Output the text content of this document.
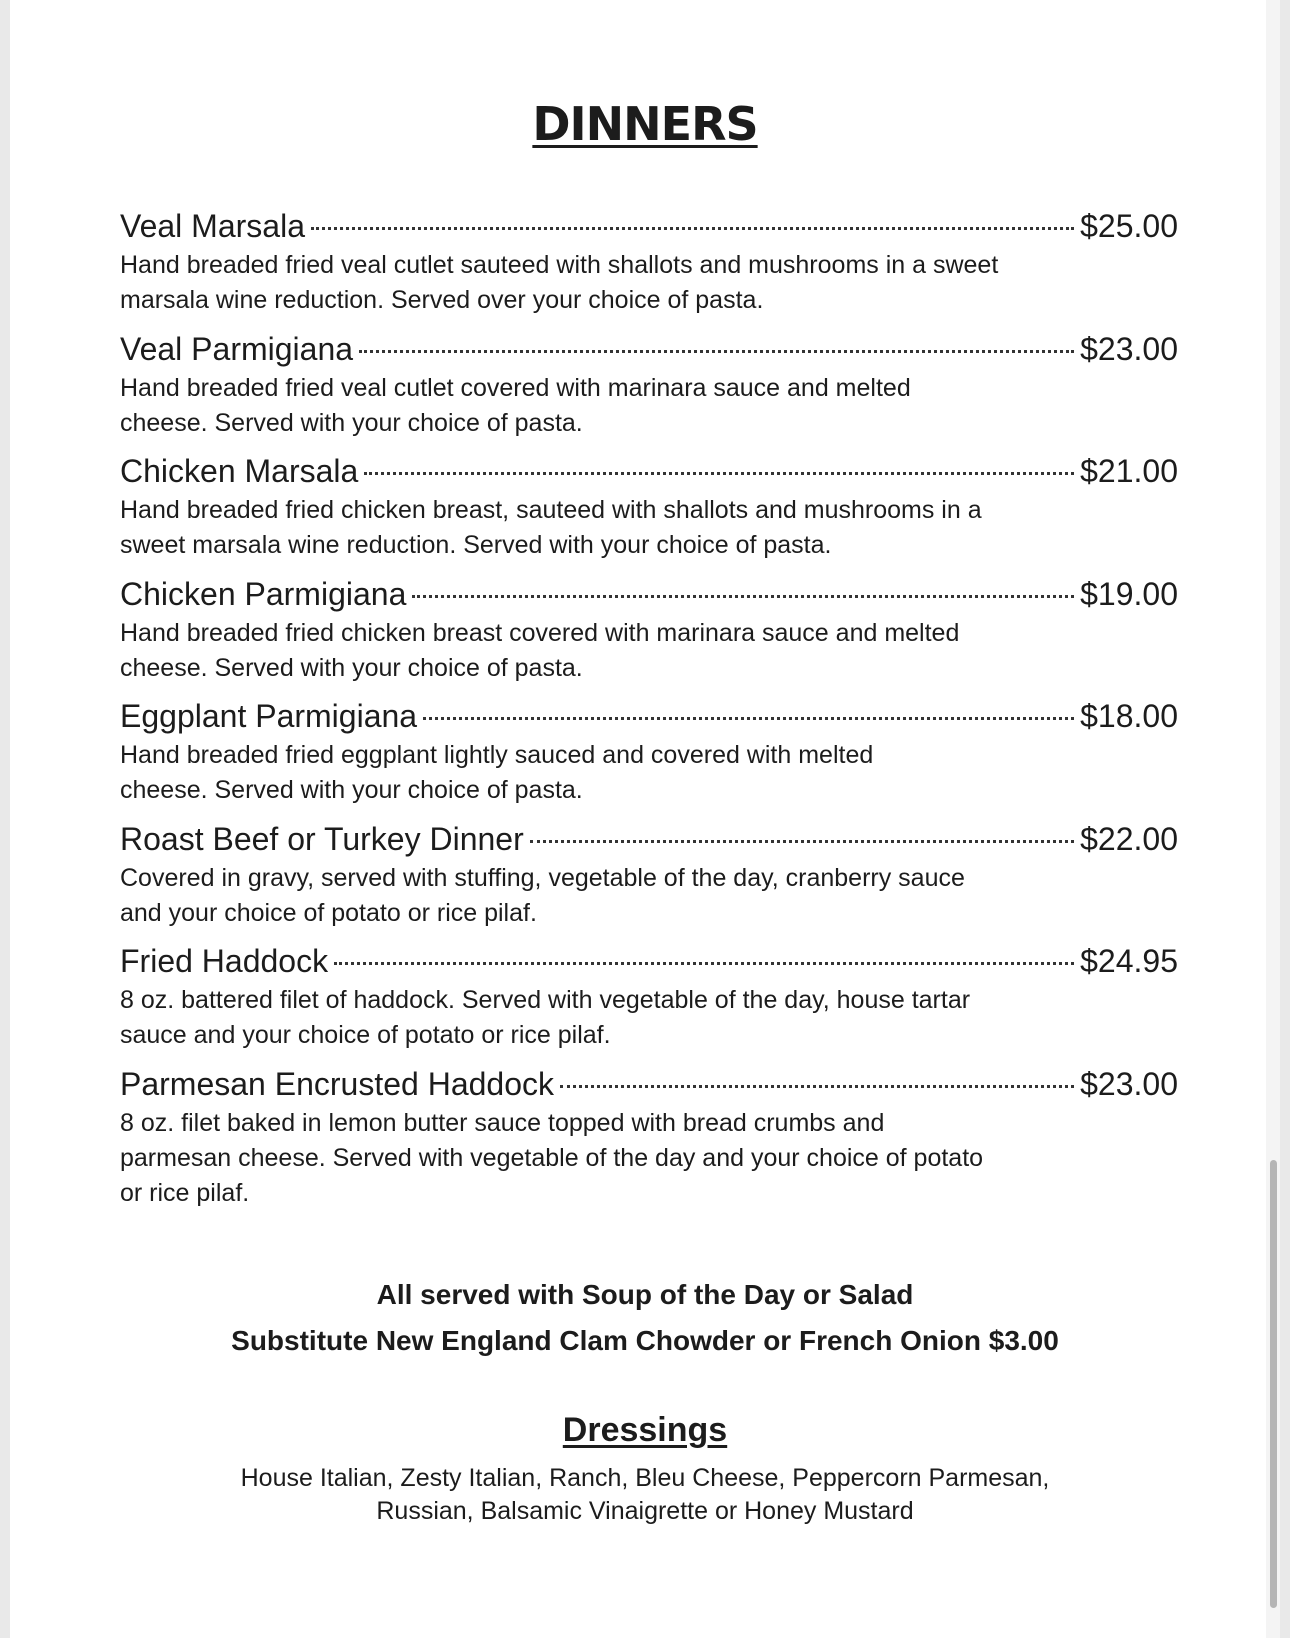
DINNERS
Veal Marsala	$25.00
Hand breaded fried veal cutlet sauteed with shallots and mushrooms in a sweet marsala wine reduction. Served over your choice of pasta.
Veal Parmigiana	$23.00
Hand breaded fried veal cutlet covered with marinara sauce and melted cheese. Served with your choice of pasta.
Chicken Marsala	$21.00
Hand breaded fried chicken breast, sauteed with shallots and mushrooms in a sweet marsala wine reduction. Served with your choice of pasta.
Chicken Parmigiana	$19.00
Hand breaded fried chicken breast covered with marinara sauce and melted cheese. Served with your choice of pasta.
Eggplant Parmigiana	$18.00
Hand breaded fried eggplant lightly sauced and covered with melted cheese. Served with your choice of pasta.
Roast Beef or Turkey Dinner	$22.00
Covered in gravy, served with stuffing, vegetable of the day, cranberry sauce and your choice of potato or rice pilaf.
Fried Haddock	$24.95
8 oz. battered filet of haddock. Served with vegetable of the day, house tartar sauce and your choice of potato or rice pilaf.
Parmesan Encrusted Haddock	$23.00
8 oz. filet baked in lemon butter sauce topped with bread crumbs and parmesan cheese. Served with vegetable of the day and your choice of potato or rice pilaf.
All served with Soup of the Day or Salad
Substitute New England Clam Chowder or French Onion $3.00
Dressings
House Italian, Zesty Italian, Ranch, Bleu Cheese, Peppercorn Parmesan,
Russian, Balsamic Vinaigrette or Honey Mustard
